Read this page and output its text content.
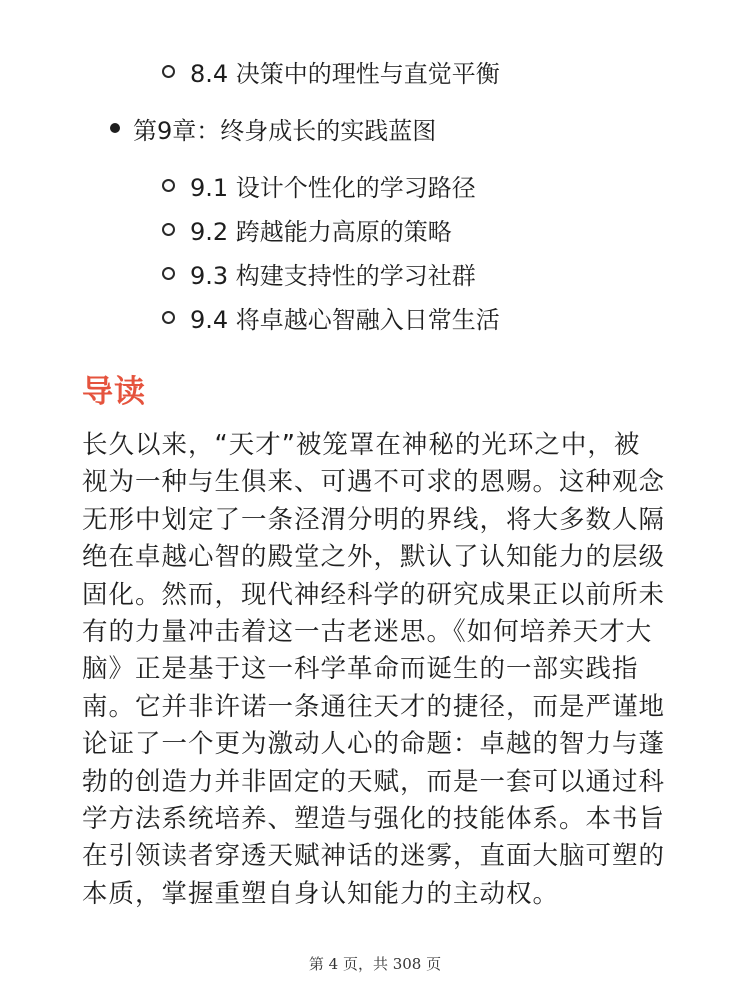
8.4 决策中的理性与直觉平衡
第9章：终身成长的实践蓝图
9.1 设计个性化的学习路径
9.2 跨越能力高原的策略
9.3 构建支持性的学习社群
9.4 将卓越心智融入日常生活
导读

长久以来，“天才”被笼罩在神秘的光环之中，被
视为一种与生俱来、可遇不可求的恩赐。这种观念
无形中划定了一条泾渭分明的界线，将大多数人隔
绝在卓越心智的殿堂之外，默认了认知能力的层级
固化。然而，现代神经科学的研究成果正以前所未
有的力量冲击着这一古老迷思。《如何培养天才大
脑》正是基于这一科学革命而诞生的一部实践指
南。它并非许诺一条通往天才的捷径，而是严谨地
论证了一个更为激动人心的命题：卓越的智力与蓬
勃的创造力并非固定的天赋，而是一套可以通过科
学方法系统培养、塑造与强化的技能体系。本书旨
在引领读者穿透天赋神话的迷雾，直面大脑可塑的
本质，掌握重塑自身认知能力的主动权。

第 4 页，共 308 页
